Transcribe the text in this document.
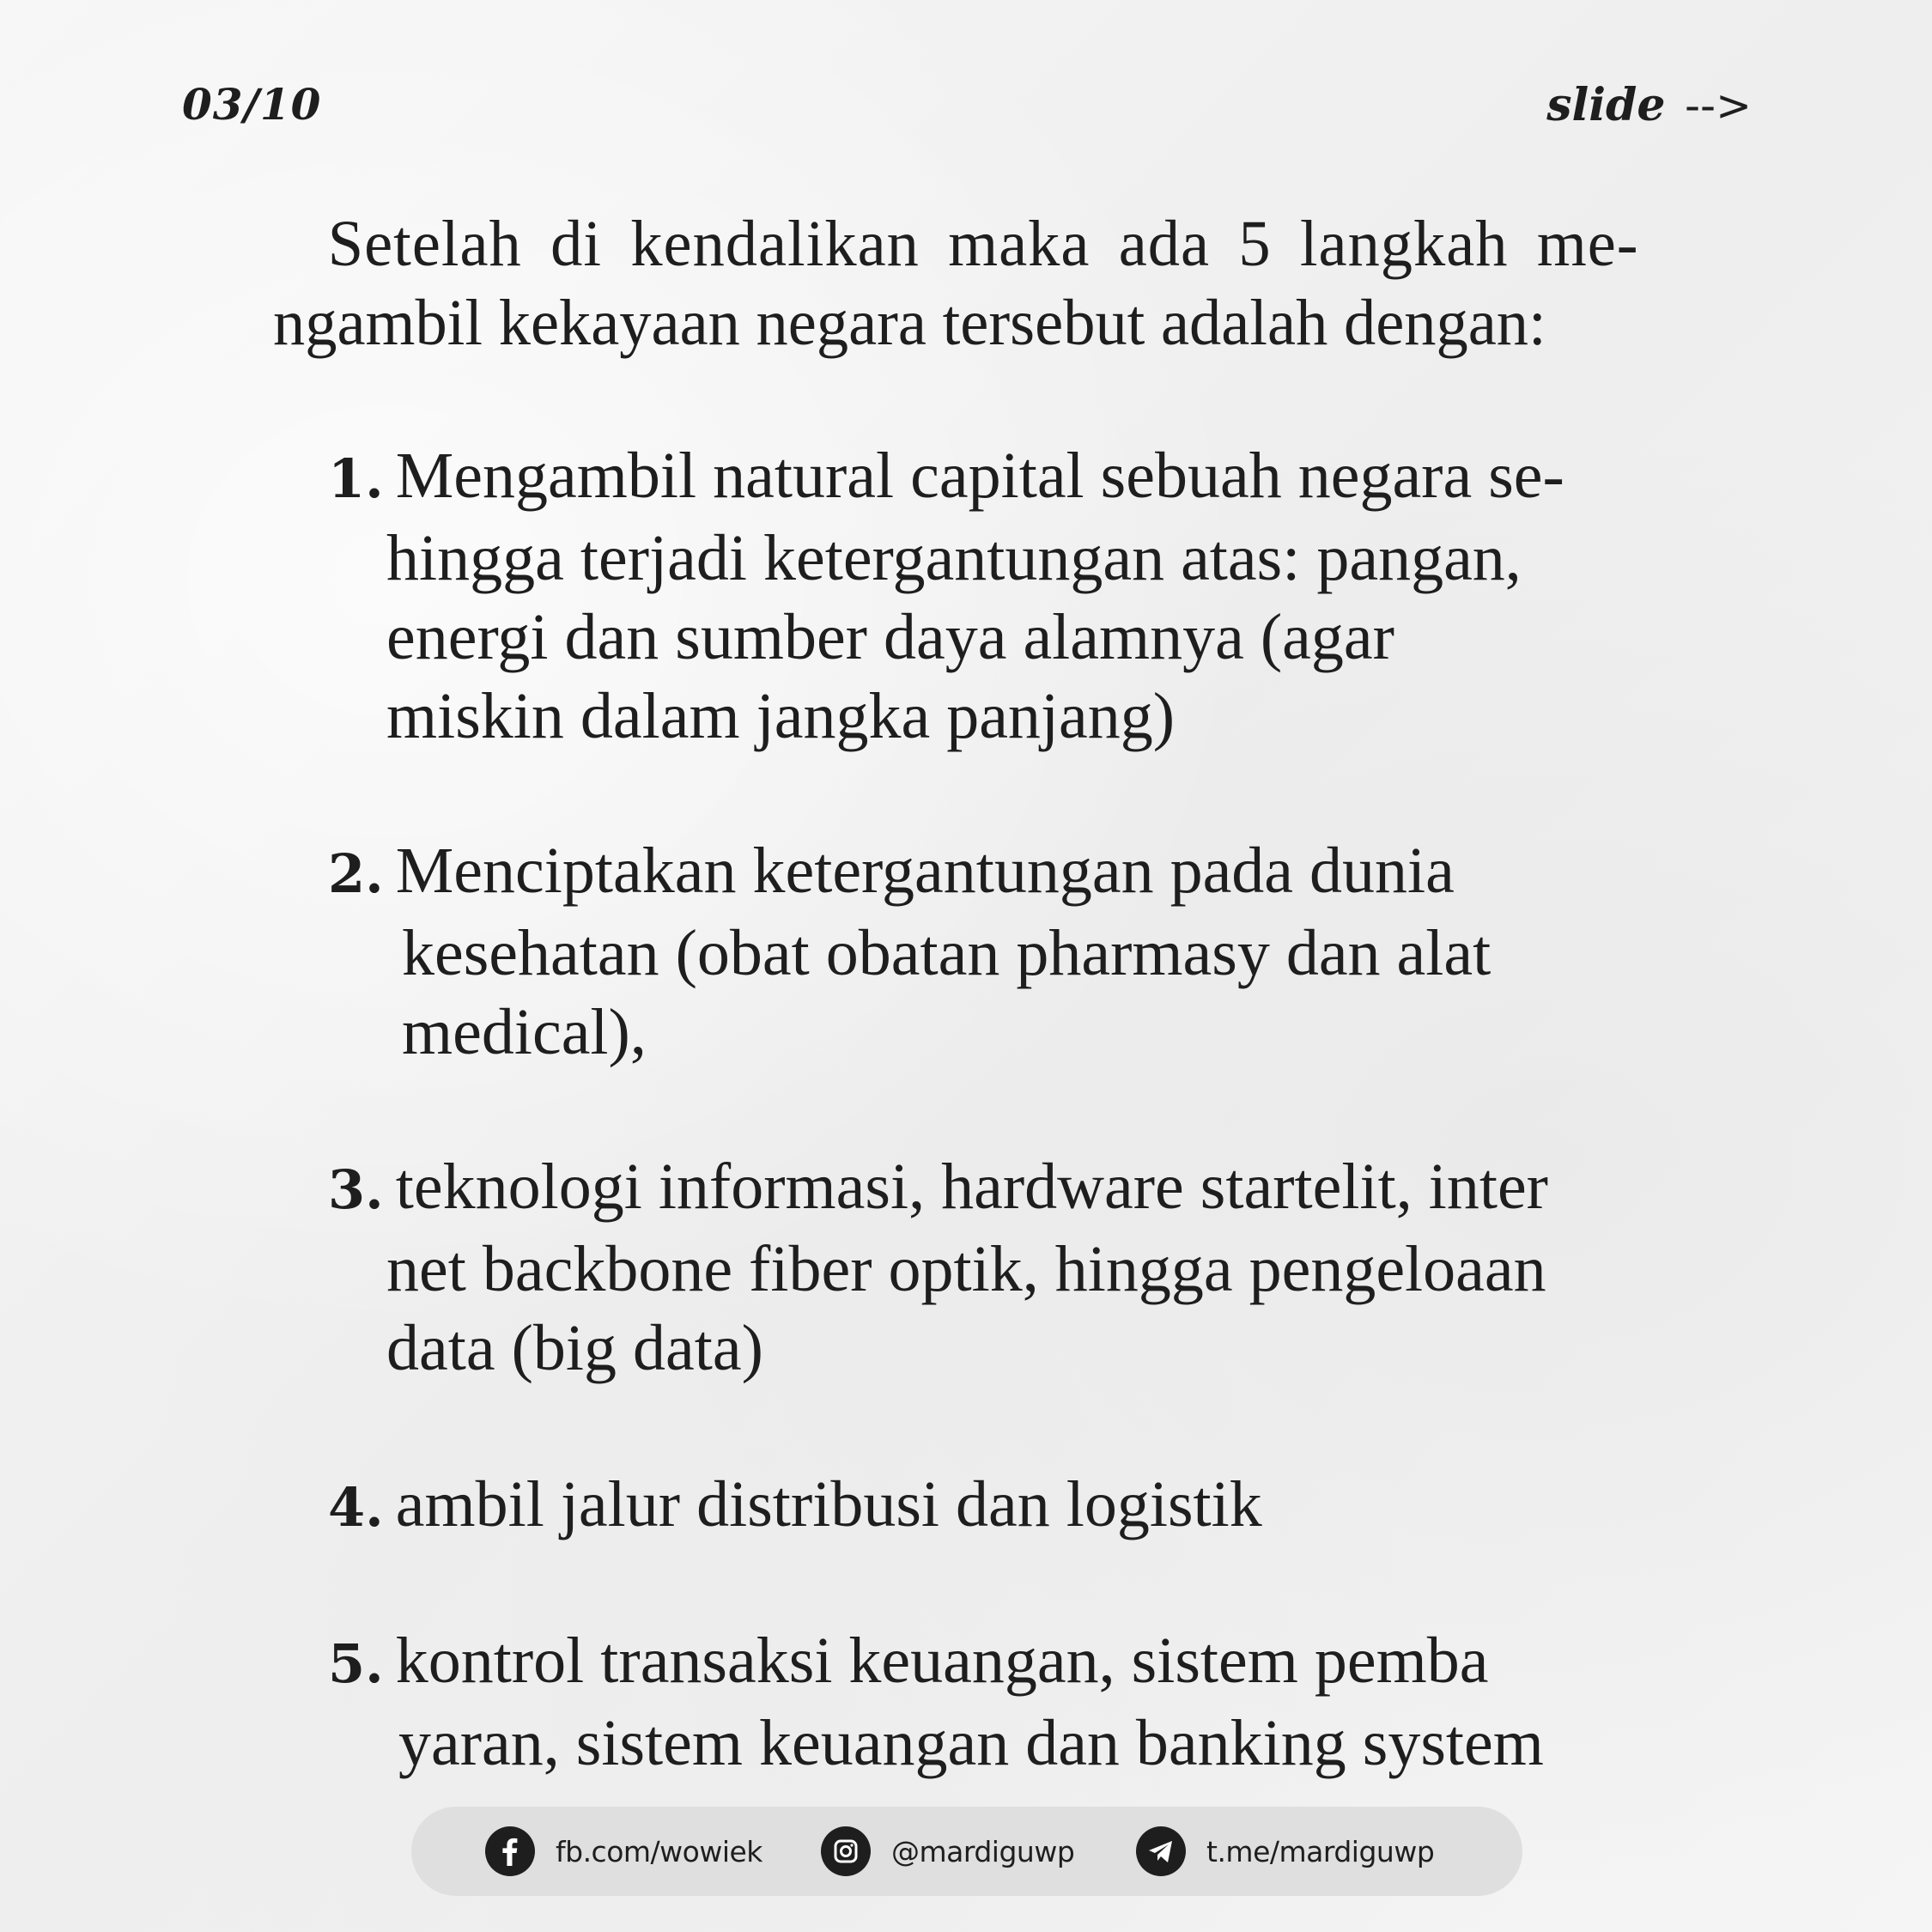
03/10	slide -->
Setelah di kendalikan maka ada 5 langkah me-
ngambil kekayaan negara tersebut adalah dengan:
1. Mengambil natural capital sebuah negara se-
hingga terjadi ketergantungan atas: pangan,
energi dan sumber daya alamnya (agar
miskin dalam jangka panjang)
2. Menciptakan ketergantungan pada dunia
kesehatan (obat obatan pharmasy dan alat
medical),
3. teknologi informasi, hardware startelit, inter
net backbone fiber optik, hingga pengeloaan
data (big data)
4. ambil jalur distribusi dan logistik
5. kontrol transaksi keuangan, sistem pemba
yaran, sistem keuangan dan banking system
fb.com/wowiek	@mardiguwp	t.me/mardiguwp
